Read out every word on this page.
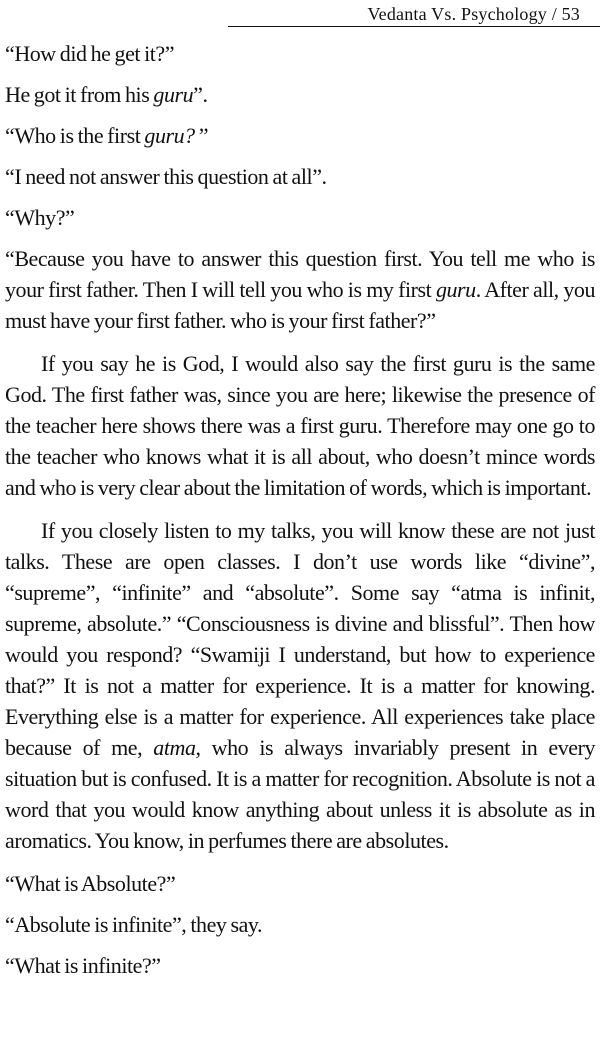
Vedanta Vs. Psychology / 53

“How did he get it?”

He got it from his guru”.

“Who is the first guru? ”

“I need not answer this question at all”.

“Why?”

“Because you have to answer this question first. You tell me who is your first father. Then I will tell you who is my first guru. After all, you must have your first father. who is your first father?”

If you say he is God, I would also say the first guru is the same God. The first father was, since you are here; likewise the presence of the teacher here shows there was a first guru. Therefore may one go to the teacher who knows what it is all about, who doesn’t mince words and who is very clear about the limitation of words, which is important.

If you closely listen to my talks, you will know these are not just talks. These are open classes. I don’t use words like “divine”, “supreme”, “infinite” and “absolute”. Some say “atma is infinit, supreme, absolute.” “Consciousness is divine and blissful”. Then how would you respond? “Swamiji I understand, but how to experience that?” It is not a matter for experience. It is a matter for knowing. Everything else is a matter for experience. All experiences take place because of me, atma, who is always invariably present in every situation but is confused. It is a matter for recognition. Absolute is not a word that you would know anything about unless it is absolute as in aromatics. You know, in perfumes there are absolutes.

“What is Absolute?”

“Absolute is infinite”, they say.

“What is infinite?”
